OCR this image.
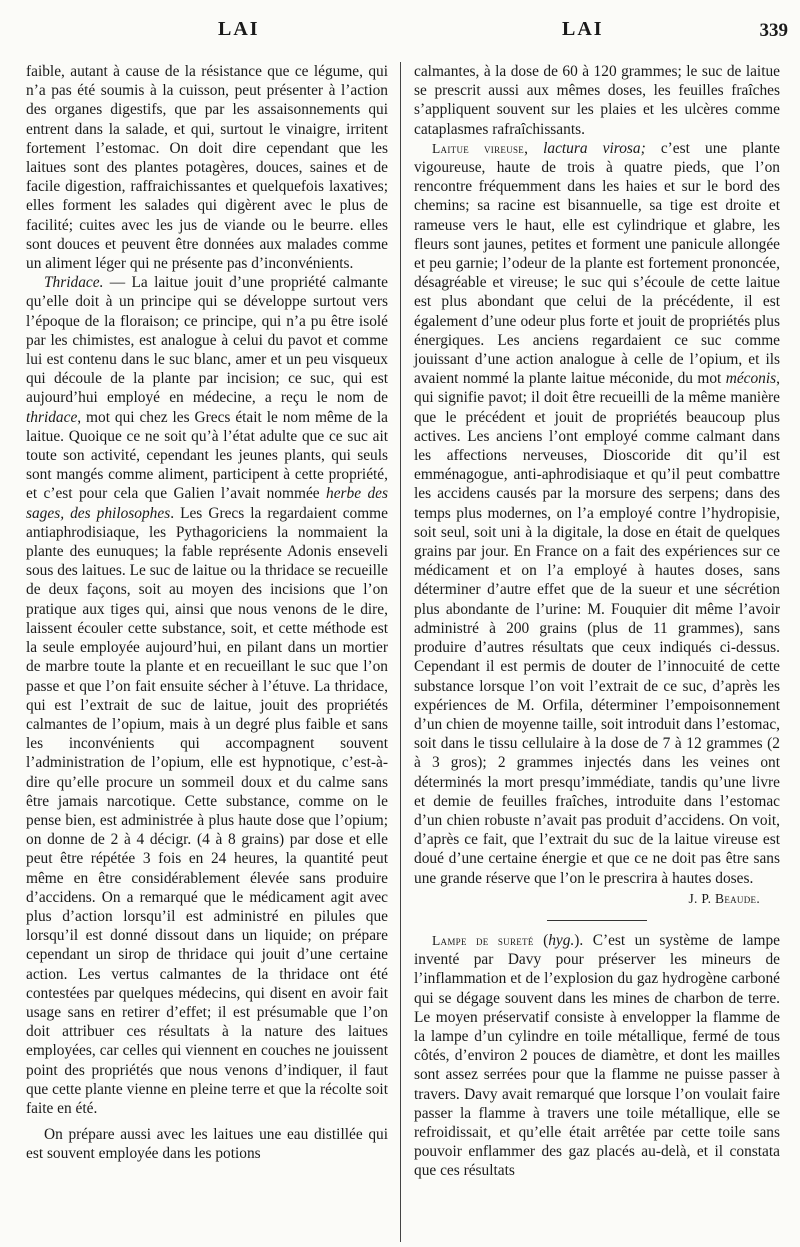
LAI	LAI	339

faible, autant à cause de la résistance que ce légume, qui n’a pas été soumis à la cuisson, peut présenter à l’action des organes digestifs, que par les assaisonnements qui entrent dans la salade, et qui, surtout le vinaigre, irritent fortement l’estomac. On doit dire cependant que les laitues sont des plantes potagères, douces, saines et de facile digestion, raffraichissantes et quelquefois laxatives; elles forment les salades qui digèrent avec le plus de facilité; cuites avec les jus de viande ou le beurre. elles sont douces et peuvent être données aux malades comme un aliment léger qui ne présente pas d’inconvénients.

Thridace. — La laitue jouit d’une propriété calmante qu’elle doit à un principe qui se développe surtout vers l’époque de la floraison; ce principe, qui n’a pu être isolé par les chimistes, est analogue à celui du pavot et comme lui est contenu dans le suc blanc, amer et un peu visqueux qui découle de la plante par incision; ce suc, qui est aujourd’hui employé en médecine, a reçu le nom de thridace, mot qui chez les Grecs était le nom même de la laitue. Quoique ce ne soit qu’à l’état adulte que ce suc ait toute son activité, cependant les jeunes plants, qui seuls sont mangés comme aliment, participent à cette propriété, et c’est pour cela que Galien l’avait nommée herbe des sages, des philosophes. Les Grecs la regardaient comme antiaphrodisiaque, les Pythagoriciens la nommaient la plante des eunuques; la fable représente Adonis enseveli sous des laitues. Le suc de laitue ou la thridace se recueille de deux façons, soit au moyen des incisions que l’on pratique aux tiges qui, ainsi que nous venons de le dire, laissent écouler cette substance, soit, et cette méthode est la seule employée aujourd’hui, en pilant dans un mortier de marbre toute la plante et en recueillant le suc que l’on passe et que l’on fait ensuite sécher à l’étuve. La thridace, qui est l’extrait de suc de laitue, jouit des propriétés calmantes de l’opium, mais à un degré plus faible et sans les inconvénients qui accompagnent souvent l’administration de l’opium, elle est hypnotique, c’est-à-dire qu’elle procure un sommeil doux et du calme sans être jamais narcotique. Cette substance, comme on le pense bien, est administrée à plus haute dose que l’opium; on donne de 2 à 4 décigr. (4 à 8 grains) par dose et elle peut être répétée 3 fois en 24 heures, la quantité peut même en être considérablement élevée sans produire d’accidens. On a remarqué que le médicament agit avec plus d’action lorsqu’il est administré en pilules que lorsqu’il est donné dissout dans un liquide; on prépare cependant un sirop de thridace qui jouit d’une certaine action. Les vertus calmantes de la thridace ont été contestées par quelques médecins, qui disent en avoir fait usage sans en retirer d’effet; il est présumable que l’on doit attribuer ces résultats à la nature des laitues employées, car celles qui viennent en couches ne jouissent point des propriétés que nous venons d’indiquer, il faut que cette plante vienne en pleine terre et que la récolte soit faite en été.

On prépare aussi avec les laitues une eau distillée qui est souvent employée dans les potions

calmantes, à la dose de 60 à 120 grammes; le suc de laitue se prescrit aussi aux mêmes doses, les feuilles fraîches s’appliquent souvent sur les plaies et les ulcères comme cataplasmes rafraîchissants.

Laitue vireuse, lactura virosa; c’est une plante vigoureuse, haute de trois à quatre pieds, que l’on rencontre fréquemment dans les haies et sur le bord des chemins; sa racine est bisannuelle, sa tige est droite et rameuse vers le haut, elle est cylindrique et glabre, les fleurs sont jaunes, petites et forment une panicule allongée et peu garnie; l’odeur de la plante est fortement prononcée, désagréable et vireuse; le suc qui s’écoule de cette laitue est plus abondant que celui de la précédente, il est également d’une odeur plus forte et jouit de propriétés plus énergiques. Les anciens regardaient ce suc comme jouissant d’une action analogue à celle de l’opium, et ils avaient nommé la plante laitue méconide, du mot méconis, qui signifie pavot; il doit être recueilli de la même manière que le précédent et jouit de propriétés beaucoup plus actives. Les anciens l’ont employé comme calmant dans les affections nerveuses, Dioscoride dit qu’il est emménagogue, anti-aphrodisiaque et qu’il peut combattre les accidens causés par la morsure des serpens; dans des temps plus modernes, on l’a employé contre l’hydropisie, soit seul, soit uni à la digitale, la dose en était de quelques grains par jour. En France on a fait des expériences sur ce médicament et on l’a employé à hautes doses, sans déterminer d’autre effet que de la sueur et une sécrétion plus abondante de l’urine: M. Fouquier dit même l’avoir administré à 200 grains (plus de 11 grammes), sans produire d’autres résultats que ceux indiqués ci-dessus. Cependant il est permis de douter de l’innocuité de cette substance lorsque l’on voit l’extrait de ce suc, d’après les expériences de M. Orfila, déterminer l’empoisonnement d’un chien de moyenne taille, soit introduit dans l’estomac, soit dans le tissu cellulaire à la dose de 7 à 12 grammes (2 à 3 gros); 2 grammes injectés dans les veines ont déterminés la mort presqu’immédiate, tandis qu’une livre et demie de feuilles fraîches, introduite dans l’estomac d’un chien robuste n’avait pas produit d’accidens. On voit, d’après ce fait, que l’extrait du suc de la laitue vireuse est doué d’une certaine énergie et que ce ne doit pas être sans une grande réserve que l’on le prescrira à hautes doses.

J. P. Beaude.

Lampe de sureté (hyg.). C’est un système de lampe inventé par Davy pour préserver les mineurs de l’inflammation et de l’explosion du gaz hydrogène carboné qui se dégage souvent dans les mines de charbon de terre. Le moyen préservatif consiste à envelopper la flamme de la lampe d’un cylindre en toile métallique, fermé de tous côtés, d’environ 2 pouces de diamètre, et dont les mailles sont assez serrées pour que la flamme ne puisse passer à travers. Davy avait remarqué que lorsque l’on voulait faire passer la flamme à travers une toile métallique, elle se refroidissait, et qu’elle était arrêtée par cette toile sans pouvoir enflammer des gaz placés au-delà, et il constata que ces résultats
